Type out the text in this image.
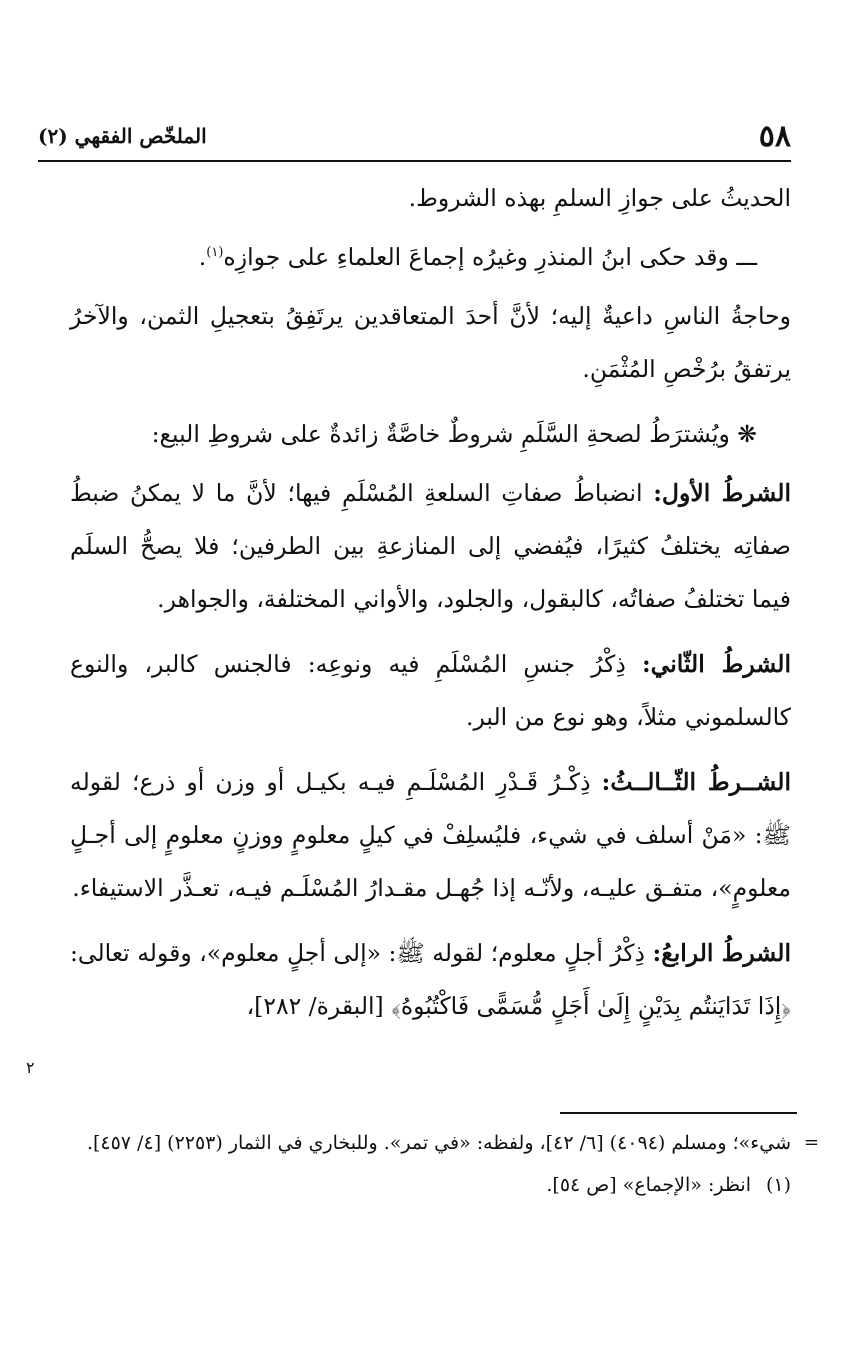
٥٨
الملخّص الفقهي (٢)

الحديثُ على جوازِ السلمِ بهذه الشروط.

ـــ وقد حكى ابنُ المنذرِ وغيرُه إجماعَ العلماءِ على جوازِه$^{(١)}$.

وحاجةُ الناسِ داعيةٌ إليه؛ لأنَّ أحدَ المتعاقدين يرتَفِقُ بتعجيلِ الثمن، والآخرُ يرتفقُ برُخْصِ المُثْمَنِ.

❋ ويُشترَطُ لصحةِ السَّلَمِ شروطٌ خاصَّةٌ زائدةٌ على شروطِ البيع:

الشرطُ الأول: انضباطُ صفاتِ السلعةِ المُسْلَمِ فيها؛ لأنَّ ما لا يمكنُ ضبطُ صفاتِه يختلفُ كثيرًا، فيُفضي إلى المنازعةِ بين الطرفين؛ فلا يصحُّ السلَم فيما تختلفُ صفاتُه، كالبقول، والجلود، والأواني المختلفة، والجواهر.

الشرطُ الثّاني: ذِكْرُ جنسِ المُسْلَمِ فيه ونوعِه: فالجنس كالبر، والنوع كالسلموني مثلاً، وهو نوع من البر.

الشــرطُ الثّــالــثُ: ذِكْـرُ قَـدْرِ المُسْلَـمِ فيـه بكيـل أو وزن أو ذرع؛ لقوله ﷺ: «مَنْ أسلف في شيء، فليُسلِفْ في كيلٍ معلومٍ ووزنٍ معلومٍ إلى أجـلٍ معلومٍ»، متفـق عليـه، ولأنّـه إذا جُهـل مقـدارُ المُسْلَـم فيـه، تعـذَّر الاستيفاء.

الشرطُ الرابعُ: ذِكْرُ أجلٍ معلوم؛ لقوله ﷺ: «إلى أجلٍ معلوم»، وقوله تعالى: ﴿إِذَا تَدَايَنتُم بِدَيْنٍ إِلَىٰ أَجَلٍ مُّسَمًّى فَاكْتُبُوهُ﴾ [البقرة/ ٢٨٢]،

٢
=

شيء»؛ ومسلم (٤٠٩٤) [٦/ ٤٢]، ولفظه: «في تمر». وللبخاري في الثمار (٢٢٥٣) [٤/ ٤٥٧].

(١)انظر: «الإجماع» [ص ٥٤].
